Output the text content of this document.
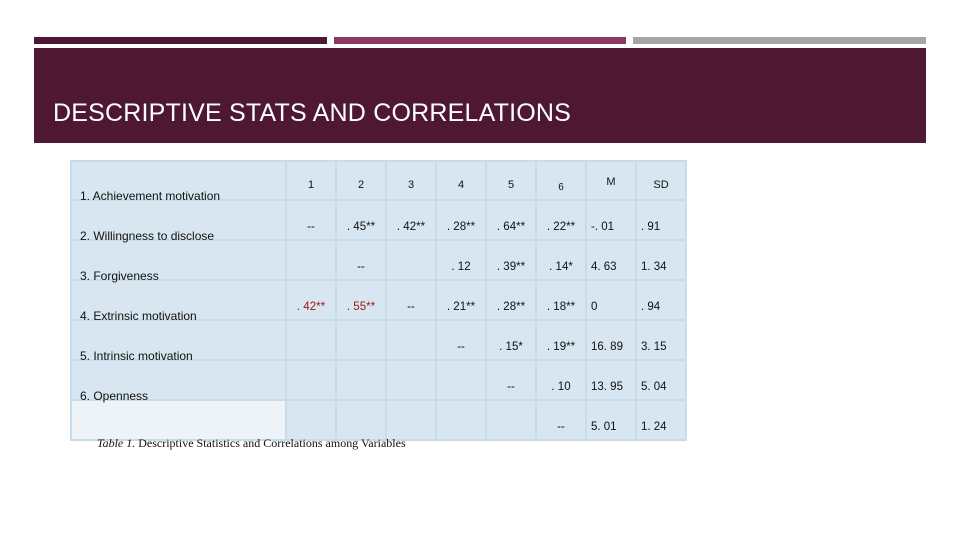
DESCRIPTIVE STATS AND CORRELATIONS

	1	2	3	4	5	6	M	SD

1. Achievement motivation	--	. 45**	. 42**	. 28**	. 64**	. 22**	-. 01	. 91

2. Willingness to disclose		--		. 12	. 39**	. 14*	4. 63	1. 34

3. Forgiveness	. 42**	. 55**	--	. 21**	. 28**	. 18**	0	. 94

4. Extrinsic motivation				--	. 15*	. 19**	16. 89	3. 15

5. Intrinsic motivation					--	. 10	13. 95	5. 04

6. Openness						--	5. 01	1. 24
Table 1. Descriptive Statistics and Correlations among Variables
